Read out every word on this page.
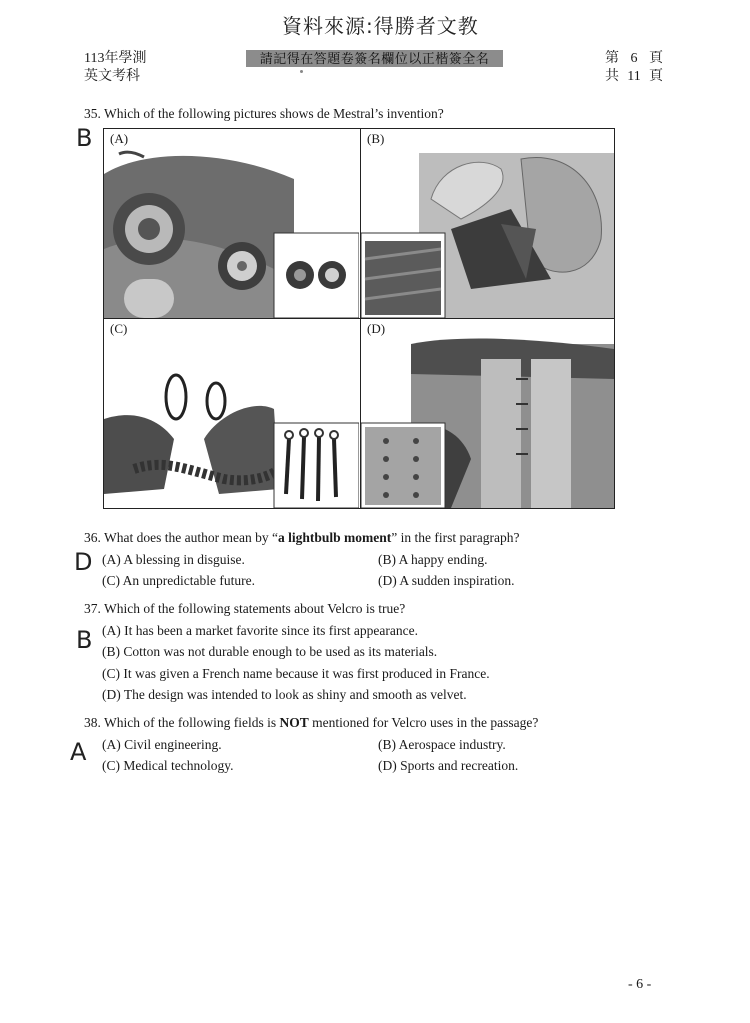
資料來源:得勝者文教
113年學測
英文考科
請記得在答題卷簽名欄位以正楷簽全名	第 6 頁
共 11 頁
35. Which of the following pictures shows de Mestral’s invention?
B (A)	(B)
(C)	(D)
36. What does the author mean by “a lightbulb moment” in the first paragraph?
D (A) A blessing in disguise.	(B) A happy ending.
(C) An unpredictable future.	(D) A sudden inspiration.
37. Which of the following statements about Velcro is true?
B (A) It has been a market favorite since its first appearance.
(B) Cotton was not durable enough to be used as its materials.
(C) It was given a French name because it was first produced in France.
(D) The design was intended to look as shiny and smooth as velvet.
38. Which of the following fields is NOT mentioned for Velcro uses in the passage?
A (A) Civil engineering.	(B) Aerospace industry.
(C) Medical technology.	(D) Sports and recreation.
- 6 -
